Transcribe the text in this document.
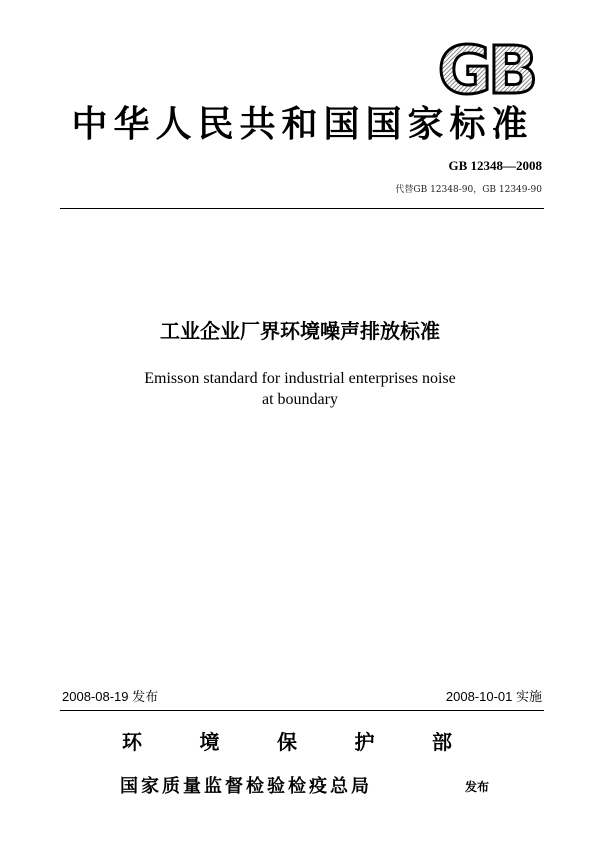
GB
中华人民共和国国家标准
GB 12348—2008
代替GB 12348-90，GB 12349-90
工业企业厂界环境噪声排放标准
Emisson standard for industrial enterprises noise
at boundary
2008-08-19 发布	2008-10-01 实施
环	境	保	护	部
国家质量监督检验检疫总局	发布
